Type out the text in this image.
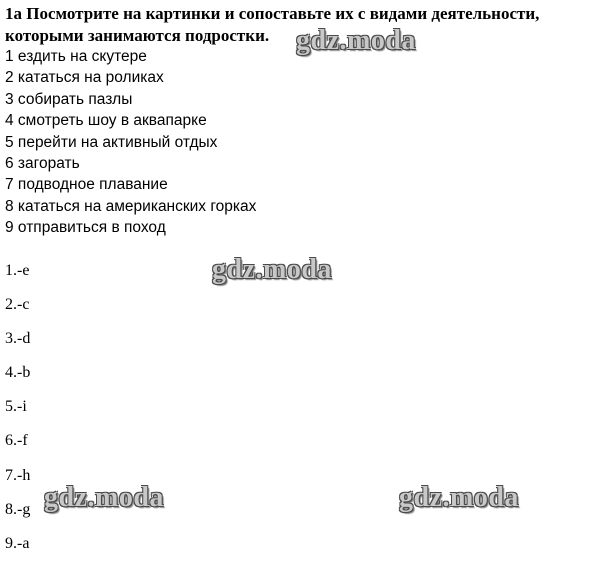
1a Посмотрите на картинки и сопоставьте их с видами деятельности,
которыми занимаются подростки.
1 ездить на скутере
2 кататься на роликах
3 собирать пазлы
4 смотреть шоу в аквапарке
5 перейти на активный отдых
6 загорать
7 подводное плавание
8 кататься на американских горках
9 отправиться в поход
1.-e
2.-c
3.-d
4.-b
5.-i
6.-f
7.-h
8.-g
9.-a
gdz.moda
gdz.moda
gdz.moda	gdz.moda
